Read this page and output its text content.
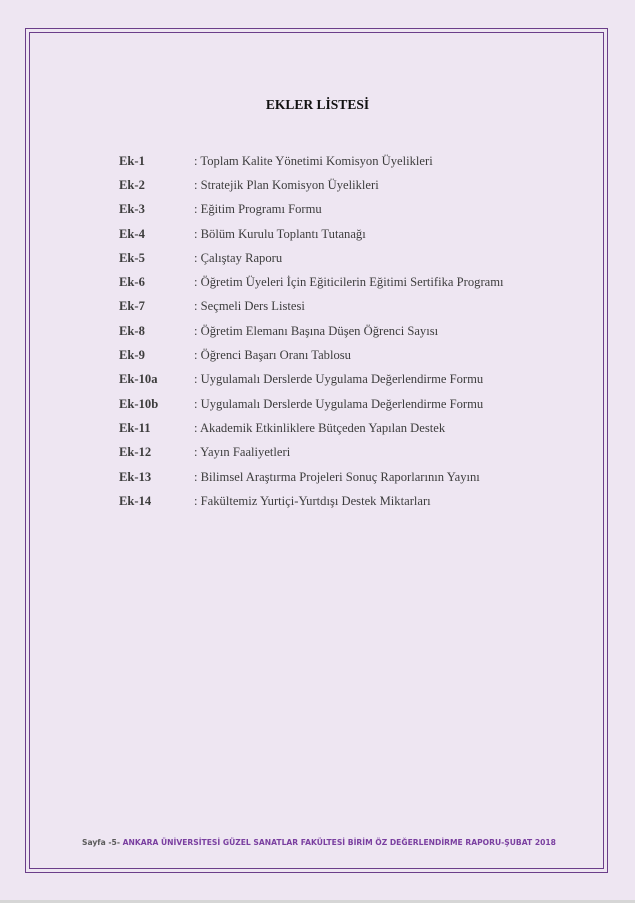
EKLER LİSTESİ
Ek-1	: Toplam Kalite Yönetimi Komisyon Üyelikleri
Ek-2	: Stratejik Plan Komisyon Üyelikleri
Ek-3	: Eğitim Programı Formu
Ek-4	: Bölüm Kurulu Toplantı Tutanağı
Ek-5	: Çalıştay Raporu
Ek-6	: Öğretim Üyeleri İçin Eğiticilerin Eğitimi Sertifika Programı
Ek-7	: Seçmeli Ders Listesi
Ek-8	: Öğretim Elemanı Başına Düşen Öğrenci Sayısı
Ek-9	: Öğrenci Başarı Oranı Tablosu
Ek-10a	: Uygulamalı Derslerde Uygulama Değerlendirme Formu
Ek-10b	: Uygulamalı Derslerde Uygulama Değerlendirme Formu
Ek-11	: Akademik Etkinliklere Bütçeden Yapılan Destek
Ek-12	: Yayın Faaliyetleri
Ek-13	: Bilimsel Araştırma Projeleri Sonuç Raporlarının Yayını
Ek-14	: Fakültemiz Yurtiçi-Yurtdışı Destek Miktarları
Sayfa -5- ANKARA ÜNİVERSİTESİ GÜZEL SANATLAR FAKÜLTESİ BİRİM ÖZ DEĞERLENDİRME RAPORU-ŞUBAT 2018
